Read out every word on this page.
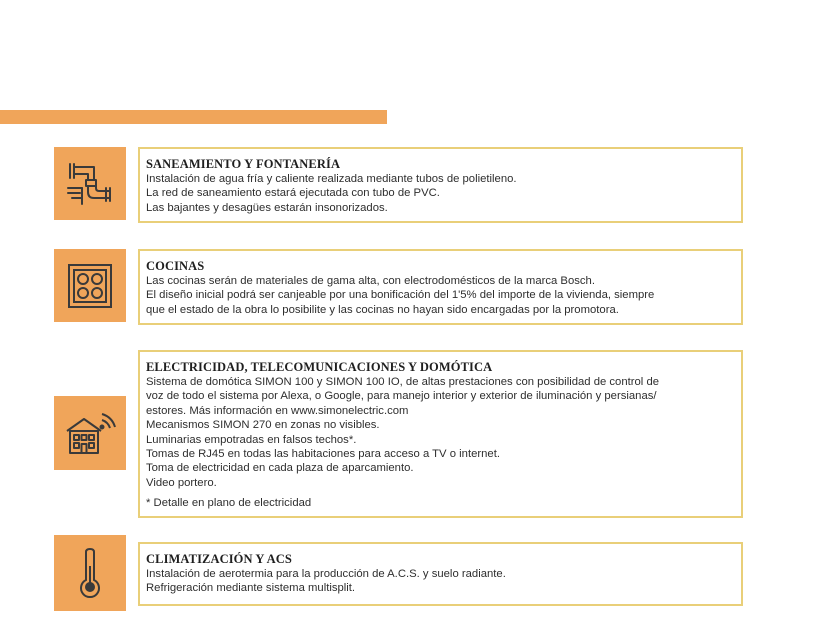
SANEAMIENTO Y FONTANERÍA
Instalación de agua fría y caliente realizada mediante tubos de polietileno.
La red de saneamiento estará ejecutada con tubo de PVC.
Las bajantes y desagües estarán insonorizados.
COCINAS
Las cocinas serán de materiales de gama alta, con electrodomésticos de la marca Bosch.
El diseño inicial podrá ser canjeable por una bonificación del 1'5% del importe de la vivienda, siempre
que el estado de la obra lo posibilite y las cocinas no hayan sido encargadas por la promotora.
ELECTRICIDAD, TELECOMUNICACIONES Y DOMÓTICA
Sistema de domótica SIMON 100 y SIMON 100 IO, de altas prestaciones con posibilidad de control de
voz de todo el sistema por Alexa, o Google, para manejo interior y exterior de iluminación y persianas/
estores. Más información en www.simonelectric.com
Mecanismos SIMON 270 en zonas no visibles.
Luminarias empotradas en falsos techos*.
Tomas de RJ45 en todas las habitaciones para acceso a TV o internet.
Toma de electricidad en cada plaza de aparcamiento.
Video portero.
* Detalle en plano de electricidad
CLIMATIZACIÓN Y ACS
Instalación de aerotermia para la producción de A.C.S. y suelo radiante.
Refrigeración mediante sistema multisplit.
